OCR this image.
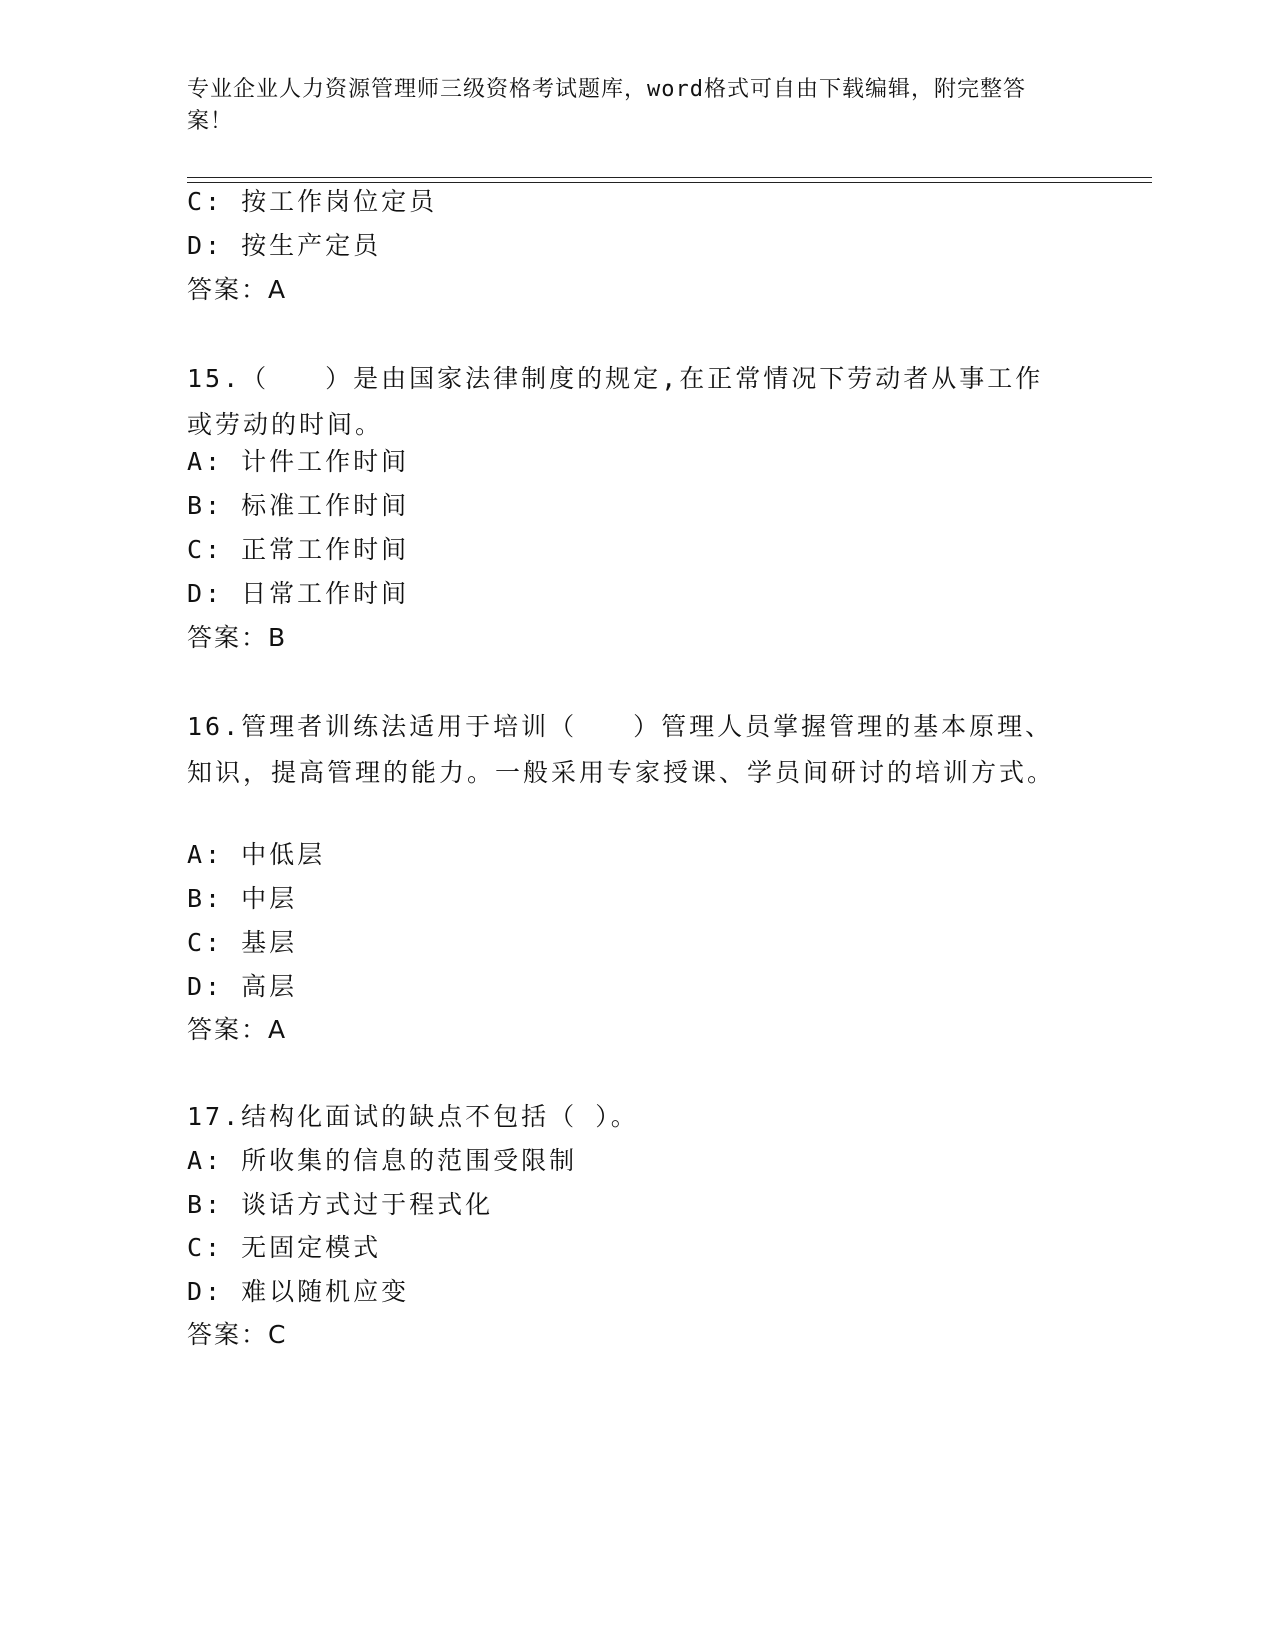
专业企业人力资源管理师三级资格考试题库，word格式可自由下载编辑，附完整答案！
C: 按工作岗位定员
D: 按生产定员
答案：A
15.（　　）是由国家法律制度的规定,在正常情况下劳动者从事工作或劳动的时间。
A: 计件工作时间
B: 标准工作时间
C: 正常工作时间
D: 日常工作时间
答案：B
16.管理者训练法适用于培训（　　）管理人员掌握管理的基本原理、知识，提高管理的能力。一般采用专家授课、学员间研讨的培训方式。
A: 中低层
B: 中层
C: 基层
D: 高层
答案：A
17.结构化面试的缺点不包括（ ）。
A: 所收集的信息的范围受限制
B: 谈话方式过于程式化
C: 无固定模式
D: 难以随机应变
答案：C
